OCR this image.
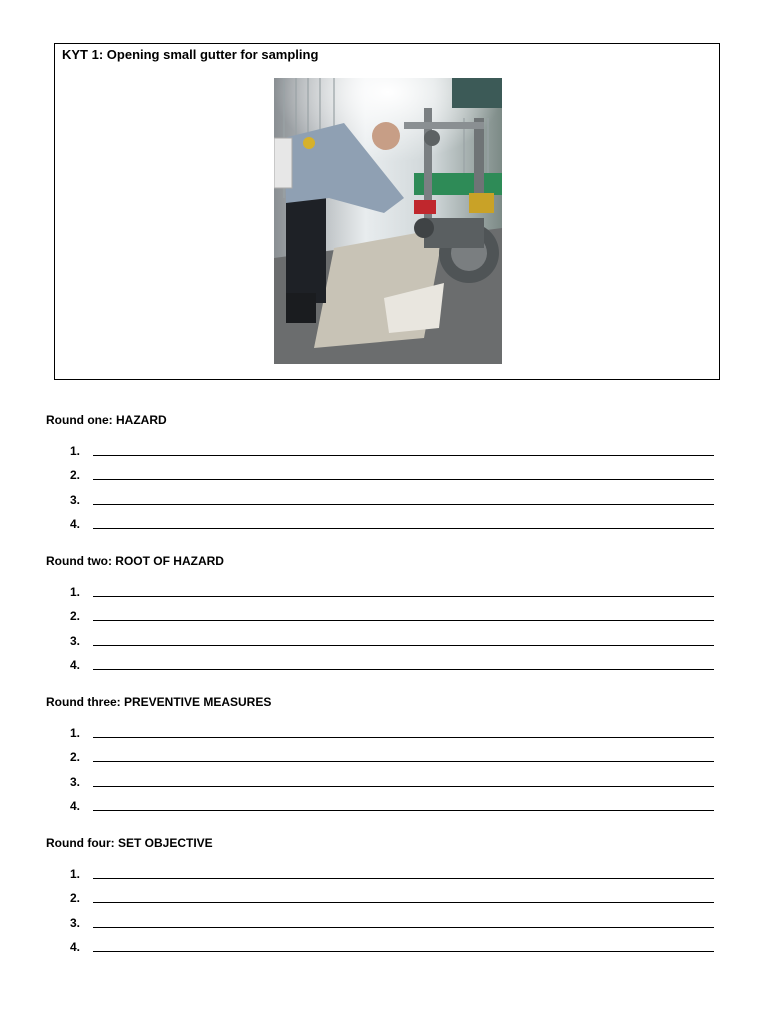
KYT 1: Opening small gutter for sampling
Round one: HAZARD
1.
2.
3.
4.
Round two: ROOT OF HAZARD
1.
2.
3.
4.
Round three: PREVENTIVE MEASURES
1.
2.
3.
4.
Round four: SET OBJECTIVE
1.
2.
3.
4.
